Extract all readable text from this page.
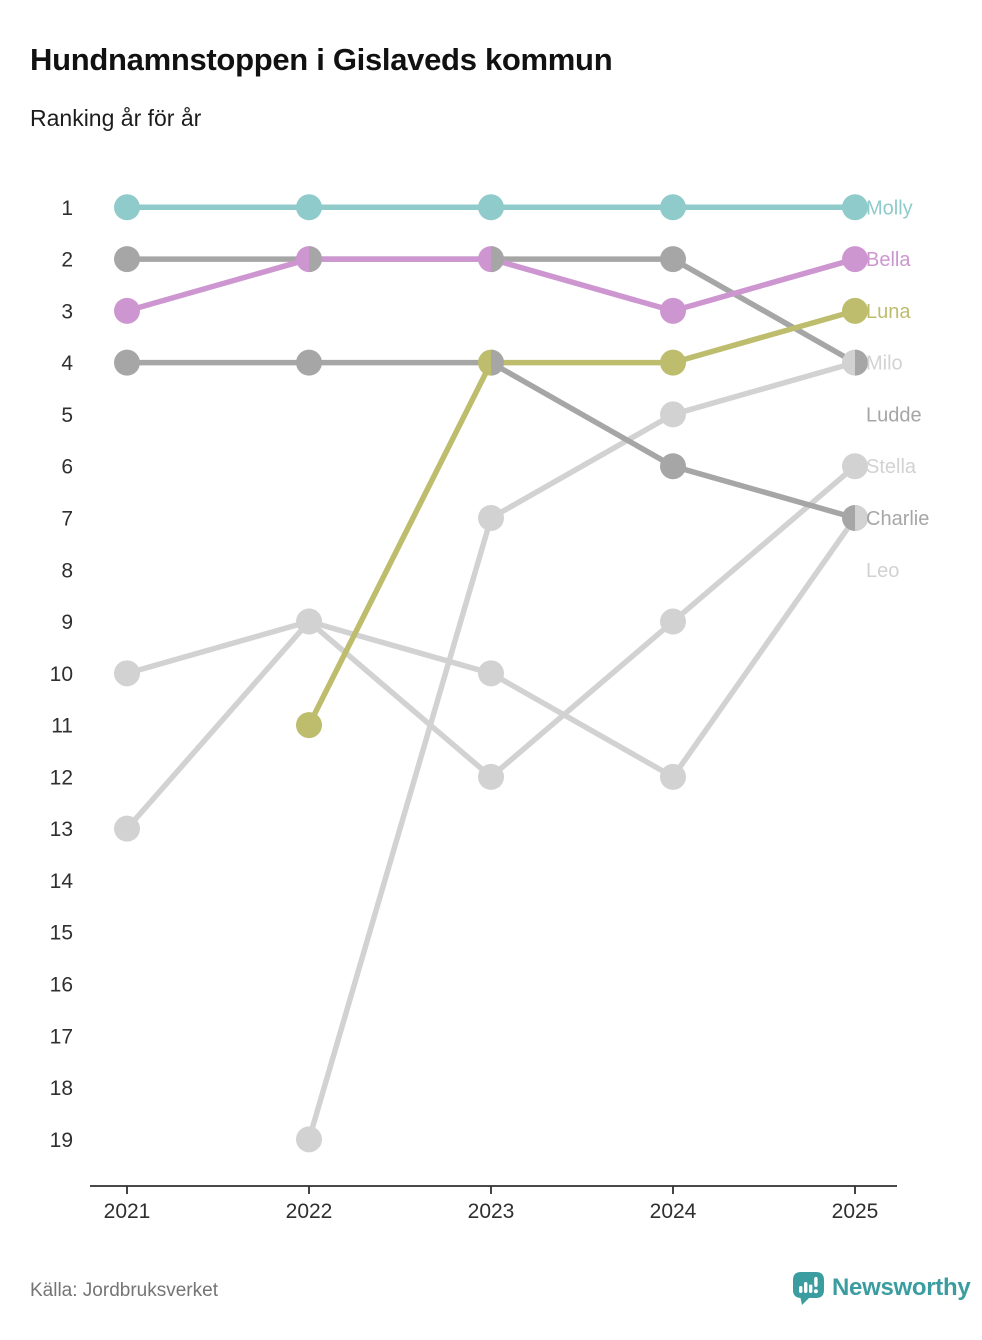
Hundnamnstoppen i Gislaveds kommun
Ranking år för år
1
2
3
4
5
6
7
8
9
10
11
12
13
14
15
16
17
18
19
2021	2022	2023	2024	2025
Molly
Bella
Luna
Milo
Ludde
Stella
Charlie
Leo
Källa: Jordbruksverket	Newsworthy
